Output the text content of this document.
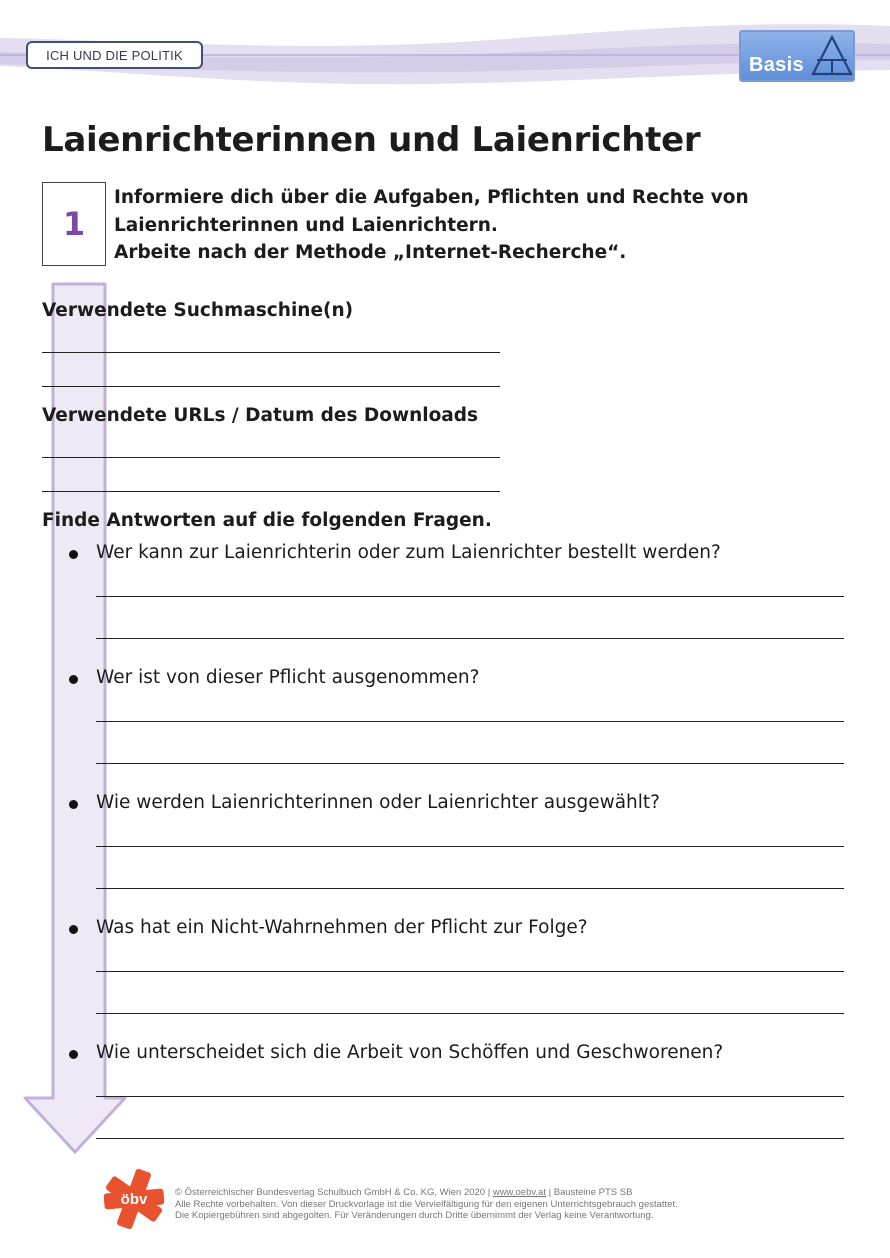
ICH UND DIE POLITIK	Basis
Laienrichterinnen und Laienrichter
1
Informiere dich über die Aufgaben, Pflichten und Rechte von
Laienrichterinnen und Laienrichtern.
Arbeite nach der Methode „Internet-Recherche“.
Verwendete Suchmaschine(n)
Verwendete URLs / Datum des Downloads
Finde Antworten auf die folgenden Fragen.
Wer kann zur Laienrichterin oder zum Laienrichter bestellt werden?
Wer ist von dieser Pflicht ausgenommen?
Wie werden Laienrichterinnen oder Laienrichter ausgewählt?
Was hat ein Nicht-Wahrnehmen der Pflicht zur Folge?
Wie unterscheidet sich die Arbeit von Schöffen und Geschworenen?
öbv	© Österreichischer Bundesverlag Schulbuch GmbH & Co. KG, Wien 2020 | www.oebv.at | Bausteine PTS SB
Alle Rechte vorbehalten. Von dieser Druckvorlage ist die Vervielfältigung für den eigenen Unterrichtsgebrauch gestattet.
Die Kopiergebühren sind abgegolten. Für Veränderungen durch Dritte übernimmt der Verlag keine Verantwortung.
